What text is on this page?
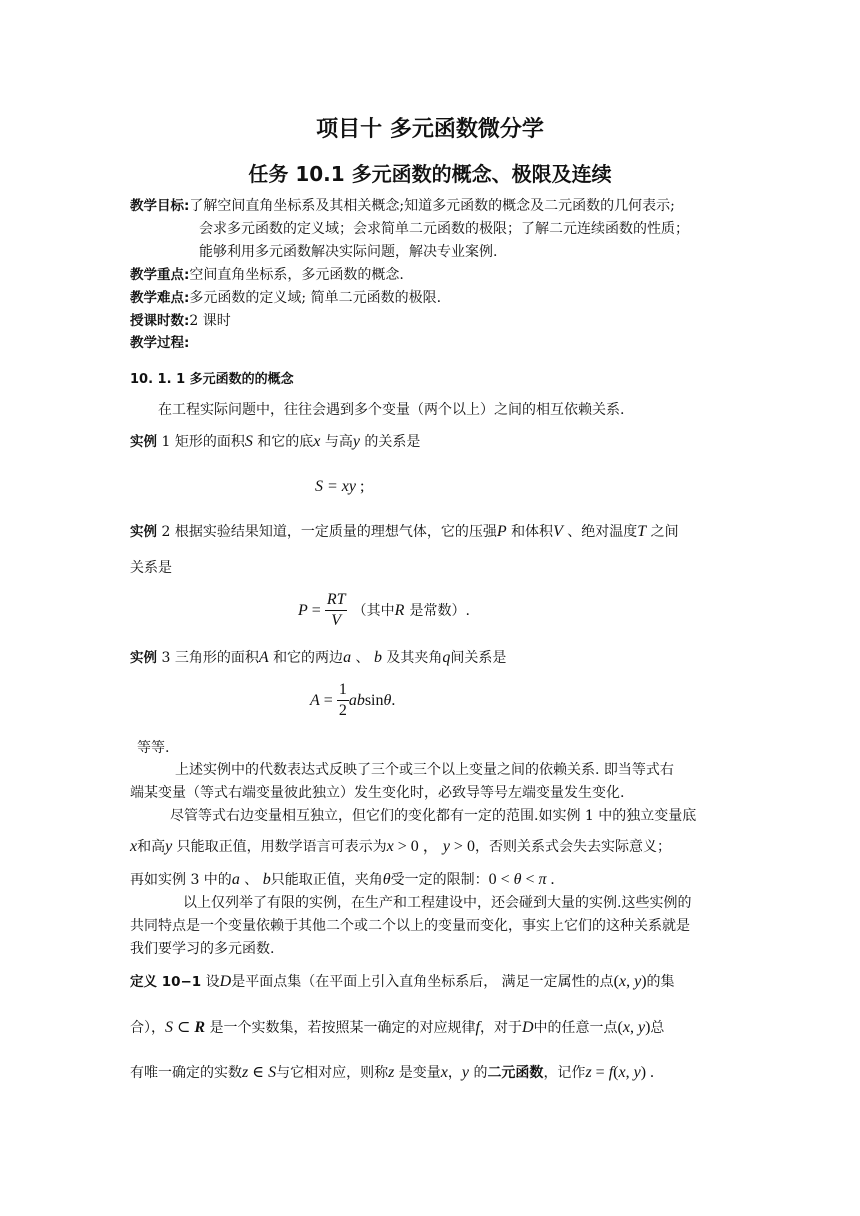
项目十 多元函数微分学
任务 10.1 多元函数的概念、极限及连续
教学目标:了解空间直角坐标系及其相关概念;知道多元函数的概念及二元函数的几何表示;
会求多元函数的定义域；会求简单二元函数的极限；了解二元连续函数的性质；
能够利用多元函数解决实际问题，解决专业案例.
教学重点:空间直角坐标系，多元函数的概念.
教学难点:多元函数的定义域; 简单二元函数的极限.
授课时数:2 课时
教学过程:
10. 1. 1 多元函数的的概念
在工程实际问题中，往往会遇到多个变量（两个以上）之间的相互依赖关系.
实例 1 矩形的面积S 和它的底x 与高y 的关系是
S = xy ;
实例 2 根据实验结果知道，一定质量的理想气体，它的压强P 和体积V 、绝对温度T 之间
关系是
$P = \frac{RT}{V}$ （其中R 是常数）.
实例 3 三角形的面积A 和它的两边a 、 b 及其夹角q间关系是
$A = \frac{1}{2} absin\theta$.
等等.
上述实例中的代数表达式反映了三个或三个以上变量之间的依赖关系. 即当等式右
端某变量（等式右端变量彼此独立）发生变化时，必致导等号左端变量发生变化.
尽管等式右边变量相互独立，但它们的变化都有一定的范围.如实例 1 中的独立变量底
x和高y 只能取正值，用数学语言可表示为x > 0 ， y > 0，否则关系式会失去实际意义；
再如实例 3 中的a 、 b只能取正值，夹角θ受一定的限制：0 < θ < π .
以上仅列举了有限的实例，在生产和工程建设中，还会碰到大量的实例.这些实例的
共同特点是一个变量依赖于其他二个或二个以上的变量而变化，事实上它们的这种关系就是
我们要学习的多元函数.
定义 10−1 设D是平面点集（在平面上引入直角坐标系后， 满足一定属性的点(x, y)的集
合），S ⊂ R 是一个实数集，若按照某一确定的对应规律f，对于D中的任意一点(x, y)总
有唯一确定的实数z ∈ S与它相对应，则称z 是变量x，y 的二元函数，记作z = f(x, y) .
